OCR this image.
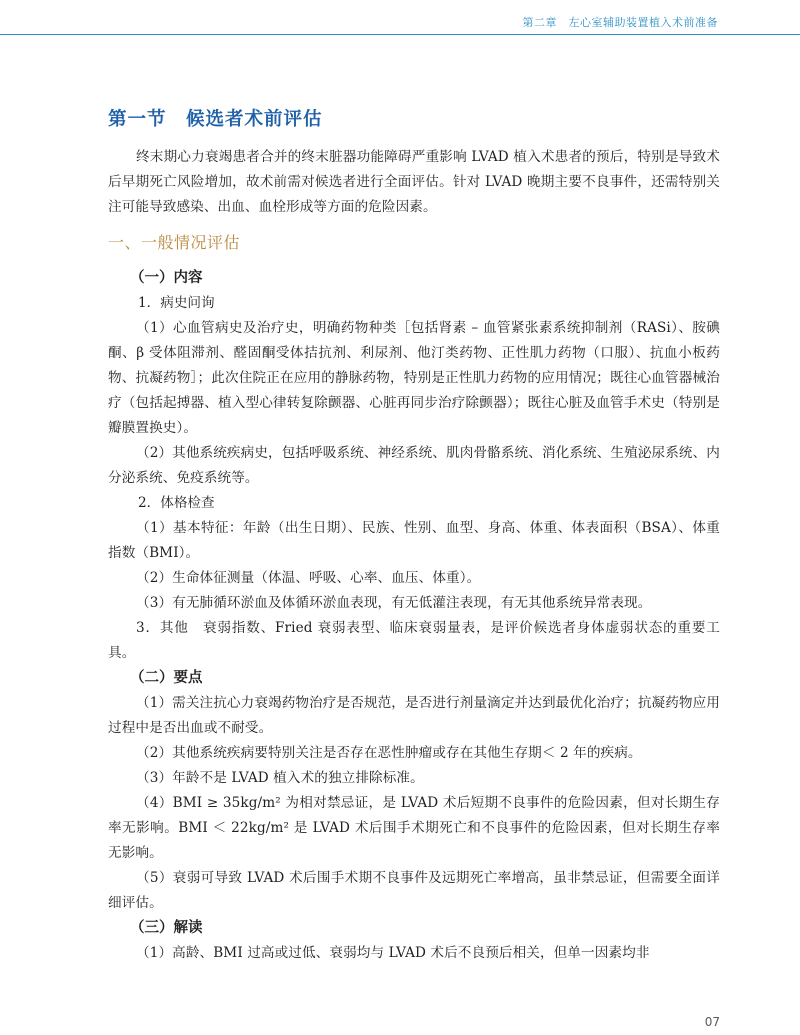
第二章　左心室辅助装置植入术前准备
第一节　候选者术前评估

终末期心力衰竭患者合并的终末脏器功能障碍严重影响 LVAD 植入术患者的预后，特别是导致术后早期死亡风险增加，故术前需对候选者进行全面评估。针对 LVAD 晚期主要不良事件，还需特别关注可能导致感染、出血、血栓形成等方面的危险因素。

一、一般情况评估
（一）内容

1．病史问询

（1）心血管病史及治疗史，明确药物种类［包括肾素 – 血管紧张素系统抑制剂（RASi）、胺碘酮、β 受体阻滞剂、醛固酮受体拮抗剂、利尿剂、他汀类药物、正性肌力药物（口服）、抗血小板药物、抗凝药物］；此次住院正在应用的静脉药物，特别是正性肌力药物的应用情况；既往心血管器械治疗（包括起搏器、植入型心律转复除颤器、心脏再同步治疗除颤器）；既往心脏及血管手术史（特别是瓣膜置换史）。

（2）其他系统疾病史，包括呼吸系统、神经系统、肌肉骨骼系统、消化系统、生殖泌尿系统、内分泌系统、免疫系统等。

2．体格检查

（1）基本特征：年龄（出生日期）、民族、性别、血型、身高、体重、体表面积（BSA）、体重指数（BMI）。

（2）生命体征测量（体温、呼吸、心率、血压、体重）。

（3）有无肺循环淤血及体循环淤血表现，有无低灌注表现，有无其他系统异常表现。

3．其他　衰弱指数、Fried 衰弱表型、临床衰弱量表，是评价候选者身体虚弱状态的重要工具。

（二）要点

（1）需关注抗心力衰竭药物治疗是否规范，是否进行剂量滴定并达到最优化治疗；抗凝药物应用过程中是否出血或不耐受。

（2）其他系统疾病要特别关注是否存在恶性肿瘤或存在其他生存期＜ 2 年的疾病。

（3）年龄不是 LVAD 植入术的独立排除标准。

（4）BMI ≥ 35kg/m² 为相对禁忌证，是 LVAD 术后短期不良事件的危险因素，但对长期生存率无影响。BMI ＜ 22kg/m² 是 LVAD 术后围手术期死亡和不良事件的危险因素，但对长期生存率无影响。

（5）衰弱可导致 LVAD 术后围手术期不良事件及远期死亡率增高，虽非禁忌证，但需要全面详细评估。

（三）解读

（1）高龄、BMI 过高或过低、衰弱均与 LVAD 术后不良预后相关，但单一因素均非

07
